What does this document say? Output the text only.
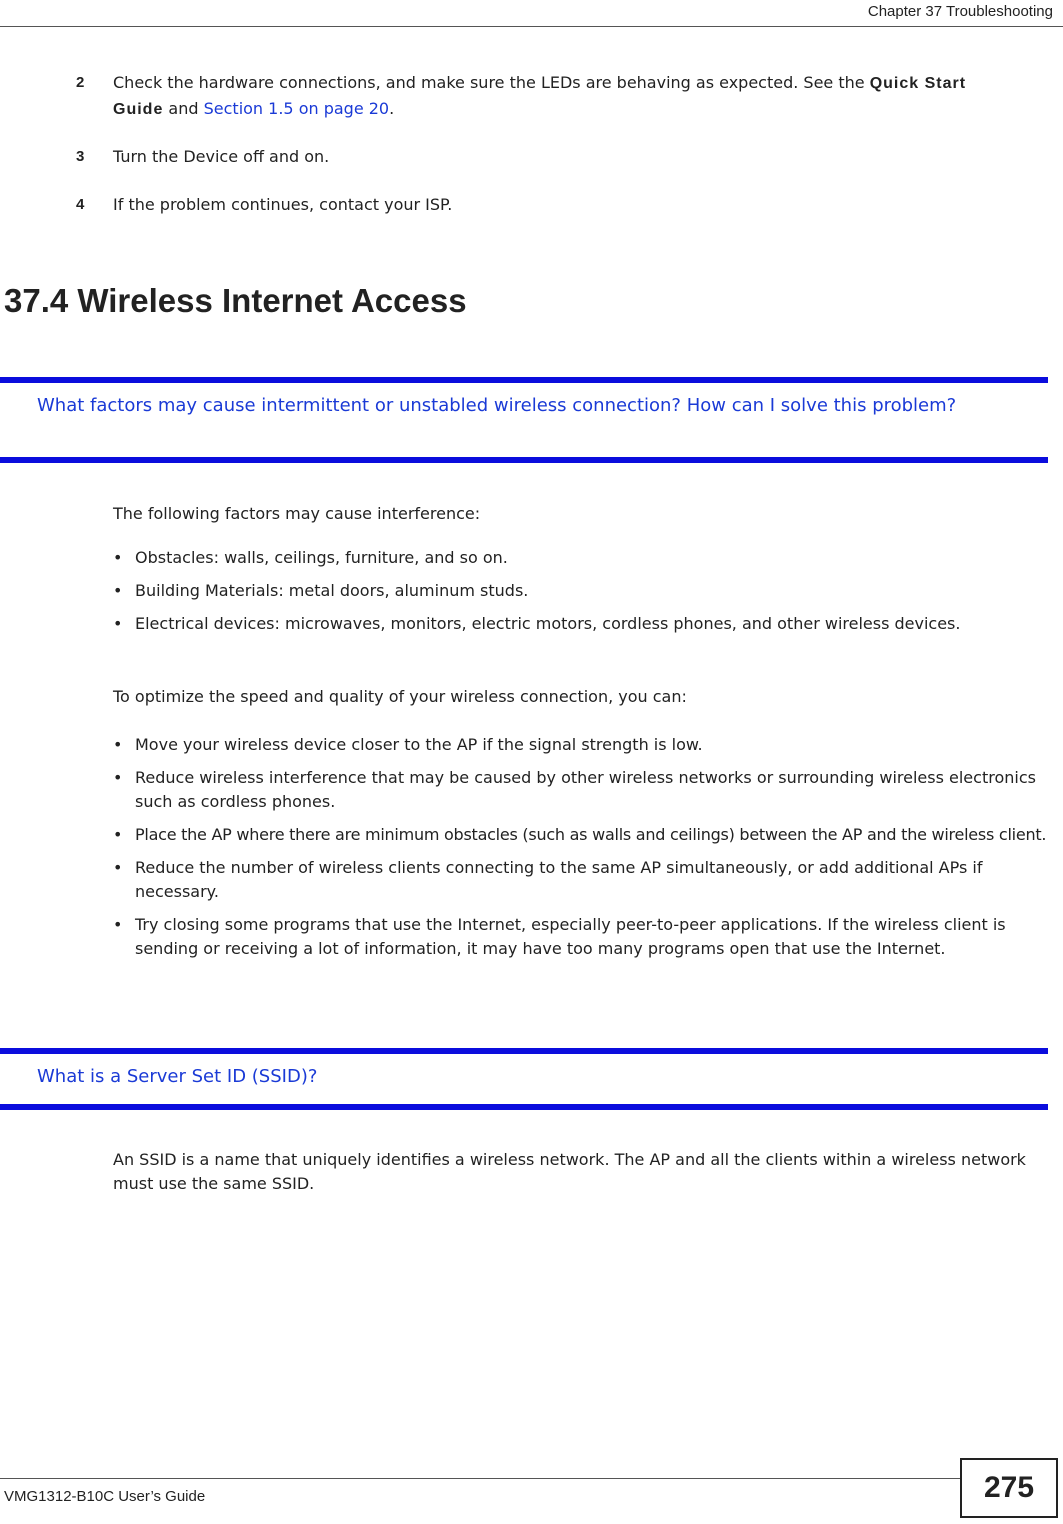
Chapter 37 Troubleshooting
2 Check the hardware connections, and make sure the LEDs are behaving as expected. See the Quick Start Guide and Section 1.5 on page 20.
3 Turn the Device off and on.
4 If the problem continues, contact your ISP.
37.4 Wireless Internet Access
What factors may cause intermittent or unstabled wireless connection? How can I solve this problem?
The following factors may cause interference:
• Obstacles: walls, ceilings, furniture, and so on.
• Building Materials: metal doors, aluminum studs.
• Electrical devices: microwaves, monitors, electric motors, cordless phones, and other wireless devices.
To optimize the speed and quality of your wireless connection, you can:
• Move your wireless device closer to the AP if the signal strength is low.
• Reduce wireless interference that may be caused by other wireless networks or surrounding wireless electronics such as cordless phones.
• Place the AP where there are minimum obstacles (such as walls and ceilings) between the AP and the wireless client.
• Reduce the number of wireless clients connecting to the same AP simultaneously, or add additional APs if necessary.
• Try closing some programs that use the Internet, especially peer-to-peer applications. If the wireless client is sending or receiving a lot of information, it may have too many programs open that use the Internet.
What is a Server Set ID (SSID)?
An SSID is a name that uniquely identifies a wireless network. The AP and all the clients within a wireless network must use the same SSID.
VMG1312-B10C User’s Guide	275
